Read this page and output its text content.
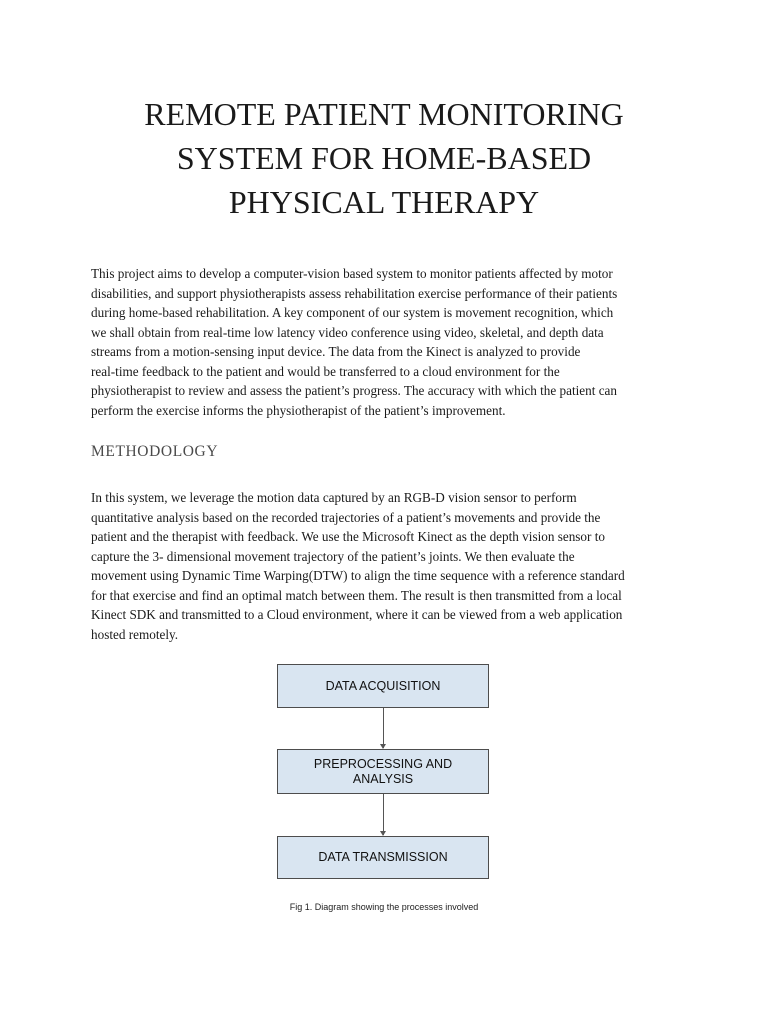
REMOTE PATIENT MONITORING
SYSTEM FOR HOME-BASED
PHYSICAL THERAPY

This project aims to develop a computer-vision based system to monitor patients affected by motor
disabilities, and support physiotherapists assess rehabilitation exercise performance of their patients
during home-based rehabilitation. A key component of our system is movement recognition, which
we shall obtain from real-time low latency video conference using video, skeletal, and depth data
streams from a motion-sensing input device. The data from the Kinect is analyzed to provide
real-time feedback to the patient and would be transferred to a cloud environment for the
physiotherapist to review and assess the patient’s progress. The accuracy with which the patient can
perform the exercise informs the physiotherapist of the patient’s improvement.

METHODOLOGY

In this system, we leverage the motion data captured by an RGB-D vision sensor to perform
quantitative analysis based on the recorded trajectories of a patient’s movements and provide the
patient and the therapist with feedback. We use the Microsoft Kinect as the depth vision sensor to
capture the 3- dimensional movement trajectory of the patient’s joints. We then evaluate the
movement using Dynamic Time Warping(DTW) to align the time sequence with a reference standard
for that exercise and find an optimal match between them. The result is then transmitted from a local
Kinect SDK and transmitted to a Cloud environment, where it can be viewed from a web application
hosted remotely.

DATA ACQUISITION
PREPROCESSING AND ANALYSIS
DATA TRANSMISSION

Fig 1. Diagram showing the processes involved
